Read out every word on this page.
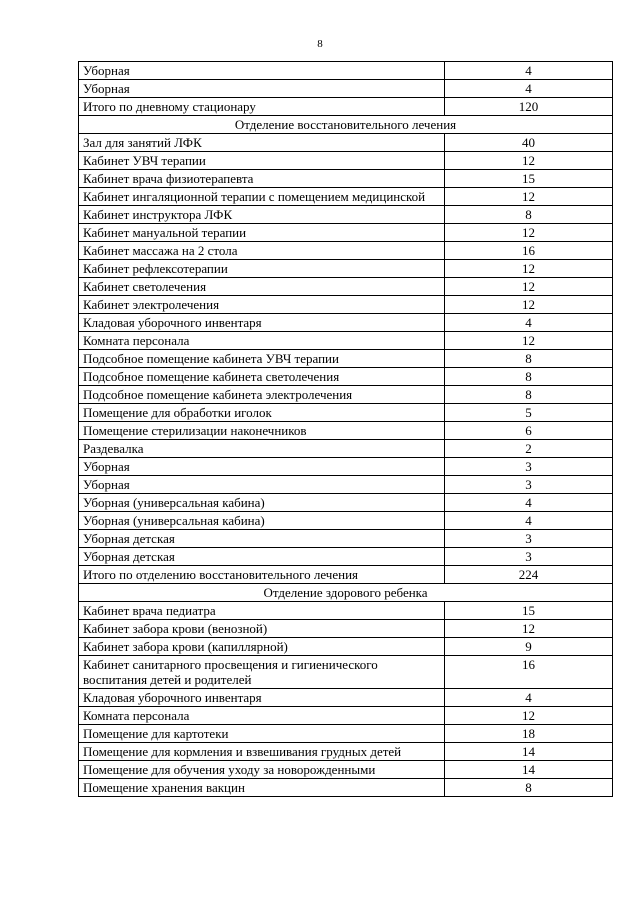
8
Уборная	4
Уборная	4
Итого по дневному стационару	120
Отделение восстановительного лечения	
Зал для занятий ЛФК	40
Кабинет УВЧ терапии	12
Кабинет врача физиотерапевта	15
Кабинет ингаляционной терапии с помещением медицинской	12
Кабинет инструктора ЛФК	8
Кабинет мануальной терапии	12
Кабинет массажа на 2 стола	16
Кабинет рефлексотерапии	12
Кабинет светолечения	12
Кабинет электролечения	12
Кладовая уборочного инвентаря	4
Комната персонала	12
Подсобное помещение кабинета УВЧ терапии	8
Подсобное помещение кабинета светолечения	8
Подсобное помещение кабинета электролечения	8
Помещение для обработки иголок	5
Помещение стерилизации наконечников	6
Раздевалка	2
Уборная	3
Уборная	3
Уборная (универсальная кабина)	4
Уборная (универсальная кабина)	4
Уборная детская	3
Уборная детская	3
Итого по отделению восстановительного лечения	224
Отделение здорового ребенка	
Кабинет врача педиатра	15
Кабинет забора крови (венозной)	12
Кабинет забора крови (капиллярной)	9
Кабинет санитарного просвещения и гигиенического воспитания детей и родителей	16
Кладовая уборочного инвентаря	4
Комната персонала	12
Помещение для картотеки	18
Помещение для кормления и взвешивания грудных детей	14
Помещение для обучения уходу за новорожденными	14
Помещение хранения вакцин	8
